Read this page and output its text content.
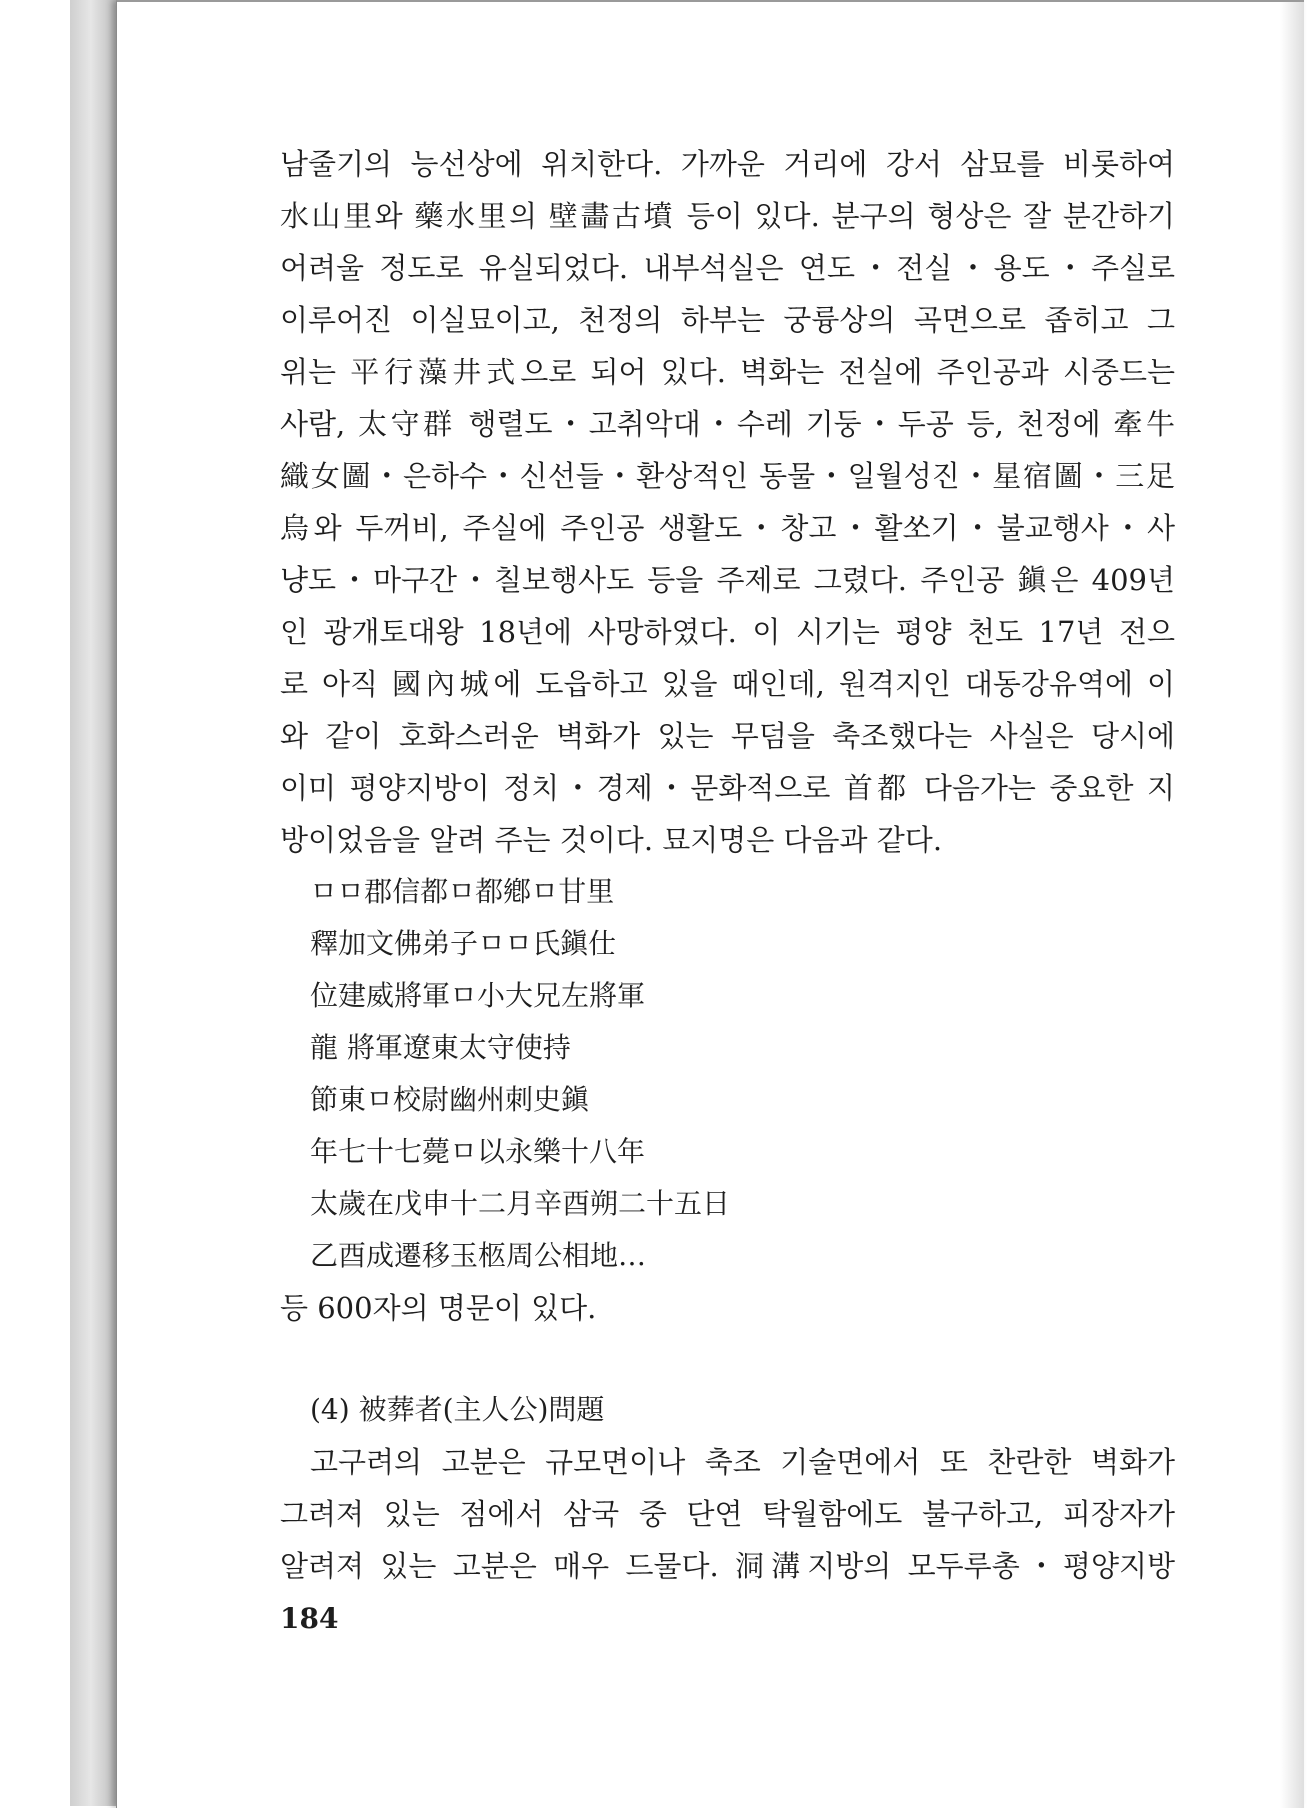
남줄기의 능선상에 위치한다. 가까운 거리에 강서 삼묘를 비롯하여
水山里와 藥水里의 壁畵古墳 등이 있다. 분구의 형상은 잘 분간하기
어려울 정도로 유실되었다. 내부석실은 연도・전실・용도・주실로
이루어진 이실묘이고, 천정의 하부는 궁륭상의 곡면으로 좁히고 그
위는 平行藻井式으로 되어 있다. 벽화는 전실에 주인공과 시중드는
사람, 太守群 행렬도・고취악대・수레 기둥・두공 등, 천정에 牽牛
織女圖・은하수・신선들・환상적인 동물・일월성진・星宿圖・三足
烏와 두꺼비, 주실에 주인공 생활도・창고・활쏘기・불교행사・사
냥도・마구간・칠보행사도 등을 주제로 그렸다. 주인공 鎭은 409년
인 광개토대왕 18년에 사망하였다. 이 시기는 평양 천도 17년 전으
로 아직 國內城에 도읍하고 있을 때인데, 원격지인 대동강유역에 이
와 같이 호화스러운 벽화가 있는 무덤을 축조했다는 사실은 당시에
이미 평양지방이 정치・경제・문화적으로 首都 다음가는 중요한 지
방이었음을 알려 주는 것이다. 묘지명은 다음과 같다.
ㅁㅁ郡信都ㅁ都鄕ㅁ甘里
釋加文佛弟子ㅁㅁ氏鎭仕
位建威將軍ㅁ小大兄左將軍
龍 將軍遼東太守使持
節東ㅁ校尉幽州刺史鎭
年七十七薨ㅁ以永樂十八年
太歲在戊申十二月辛酉朔二十五日
乙酉成遷移玉柩周公相地…
등 600자의 명문이 있다.
(4) 被葬者(主人公)問題
고구려의 고분은 규모면이나 축조 기술면에서 또 찬란한 벽화가
그려져 있는 점에서 삼국 중 단연 탁월함에도 불구하고, 피장자가
알려져 있는 고분은 매우 드물다. 洞溝지방의 모두루총・평양지방
184
